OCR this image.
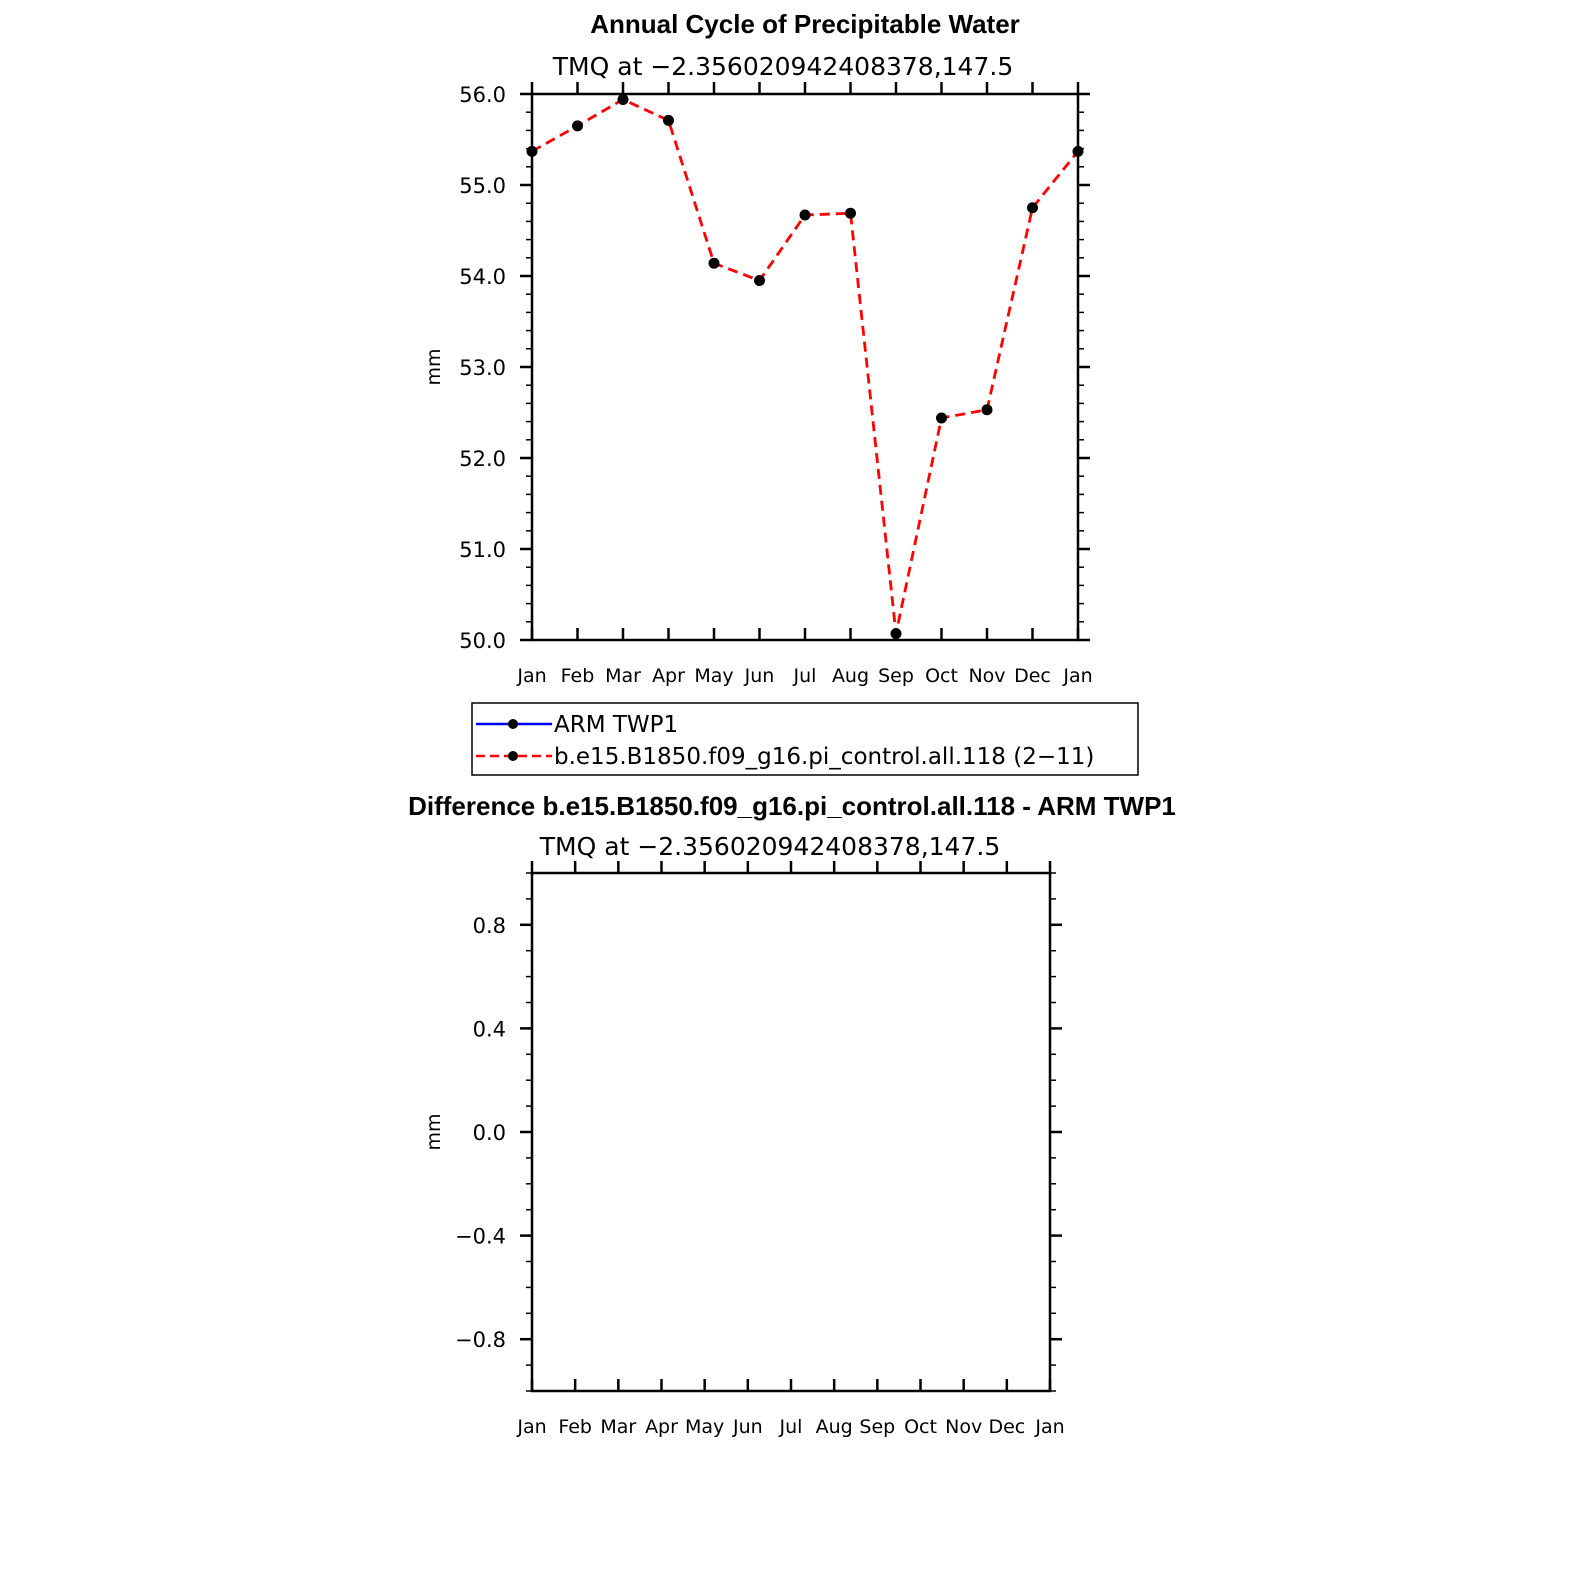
Annual Cycle of Precipitable Water
TMQ at −2.356020942408378,147.5
mm
50.0
51.0
52.0
53.0
54.0
55.0
56.0
Jan Feb Mar Apr May Jun Jul Aug Sep Oct Nov Dec Jan
ARM TWP1
b.e15.B1850.f09_g16.pi_control.all.118 (2−11)
Difference b.e15.B1850.f09_g16.pi_control.all.118 - ARM TWP1
TMQ at −2.356020942408378,147.5
mm
−0.8
−0.4
0.0
0.4
0.8
Jan Feb Mar Apr May Jun Jul Aug Sep Oct Nov Dec Jan
